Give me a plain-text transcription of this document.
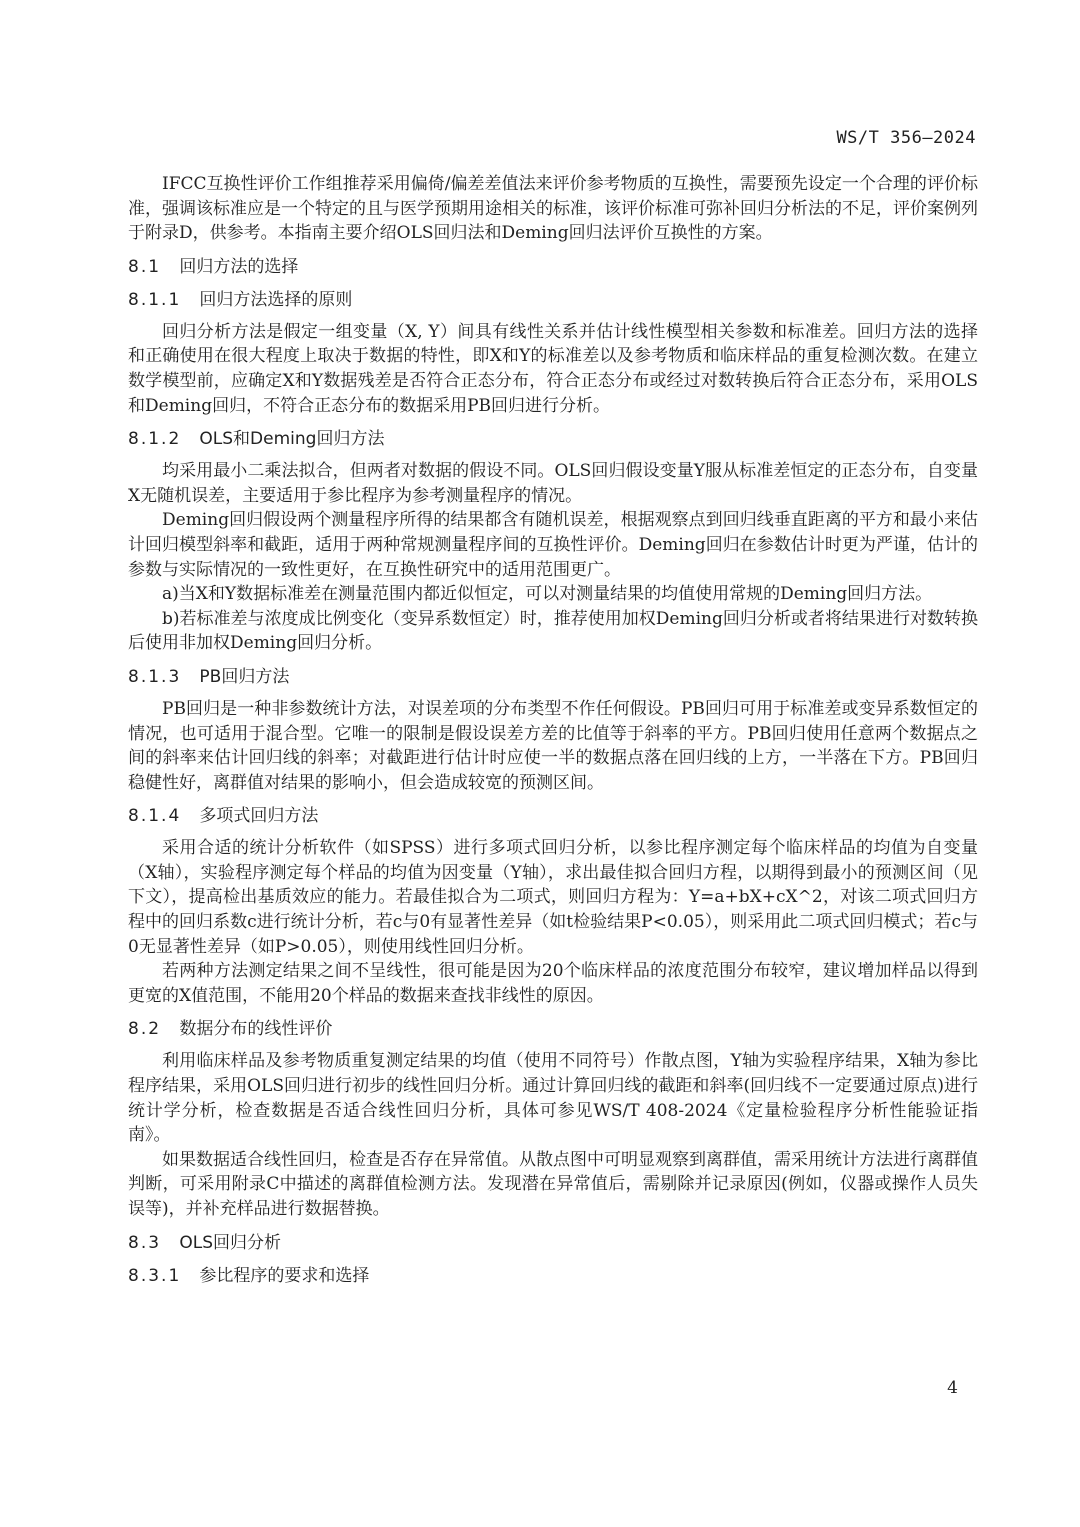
WS/T 356—2024

IFCC互换性评价工作组推荐采用偏倚/偏差差值法来评价参考物质的互换性，需要预先设定一个合理的评价标准，强调该标准应是一个特定的且与医学预期用途相关的标准，该评价标准可弥补回归分析法的不足，评价案例列于附录D，供参考。本指南主要介绍OLS回归法和Deming回归法评价互换性的方案。

8.1 回归方法的选择
8.1.1 回归方法选择的原则

回归分析方法是假定一组变量（X, Y）间具有线性关系并估计线性模型相关参数和标准差。回归方法的选择和正确使用在很大程度上取决于数据的特性，即X和Y的标准差以及参考物质和临床样品的重复检测次数。在建立数学模型前，应确定X和Y数据残差是否符合正态分布，符合正态分布或经过对数转换后符合正态分布，采用OLS和Deming回归，不符合正态分布的数据采用PB回归进行分析。

8.1.2 OLS和Deming回归方法

均采用最小二乘法拟合，但两者对数据的假设不同。OLS回归假设变量Y服从标准差恒定的正态分布，自变量X无随机误差，主要适用于参比程序为参考测量程序的情况。

Deming回归假设两个测量程序所得的结果都含有随机误差，根据观察点到回归线垂直距离的平方和最小来估计回归模型斜率和截距，适用于两种常规测量程序间的互换性评价。Deming回归在参数估计时更为严谨，估计的参数与实际情况的一致性更好，在互换性研究中的适用范围更广。

a)当X和Y数据标准差在测量范围内都近似恒定，可以对测量结果的均值使用常规的Deming回归方法。

b)若标准差与浓度成比例变化（变异系数恒定）时，推荐使用加权Deming回归分析或者将结果进行对数转换后使用非加权Deming回归分析。

8.1.3 PB回归方法

PB回归是一种非参数统计方法，对误差项的分布类型不作任何假设。PB回归可用于标准差或变异系数恒定的情况，也可适用于混合型。它唯一的限制是假设误差方差的比值等于斜率的平方。PB回归使用任意两个数据点之间的斜率来估计回归线的斜率；对截距进行估计时应使一半的数据点落在回归线的上方，一半落在下方。PB回归稳健性好，离群值对结果的影响小，但会造成较宽的预测区间。

8.1.4 多项式回归方法

采用合适的统计分析软件（如SPSS）进行多项式回归分析，以参比程序测定每个临床样品的均值为自变量（X轴），实验程序测定每个样品的均值为因变量（Y轴），求出最佳拟合回归方程，以期得到最小的预测区间（见下文），提高检出基质效应的能力。若最佳拟合为二项式，则回归方程为：Y=a+bX+cX^2，对该二项式回归方程中的回归系数c进行统计分析，若c与0有显著性差异（如t检验结果P<0.05），则采用此二项式回归模式；若c与0无显著性差异（如P>0.05），则使用线性回归分析。

若两种方法测定结果之间不呈线性，很可能是因为20个临床样品的浓度范围分布较窄，建议增加样品以得到更宽的X值范围，不能用20个样品的数据来查找非线性的原因。

8.2 数据分布的线性评价

利用临床样品及参考物质重复测定结果的均值（使用不同符号）作散点图，Y轴为实验程序结果，X轴为参比程序结果，采用OLS回归进行初步的线性回归分析。通过计算回归线的截距和斜率(回归线不一定要通过原点)进行统计学分析，检查数据是否适合线性回归分析，具体可参见WS/T 408-2024《定量检验程序分析性能验证指南》。

如果数据适合线性回归，检查是否存在异常值。从散点图中可明显观察到离群值，需采用统计方法进行离群值判断，可采用附录C中描述的离群值检测方法。发现潜在异常值后，需剔除并记录原因(例如，仪器或操作人员失误等)，并补充样品进行数据替换。

8.3 OLS回归分析
8.3.1 参比程序的要求和选择
4
